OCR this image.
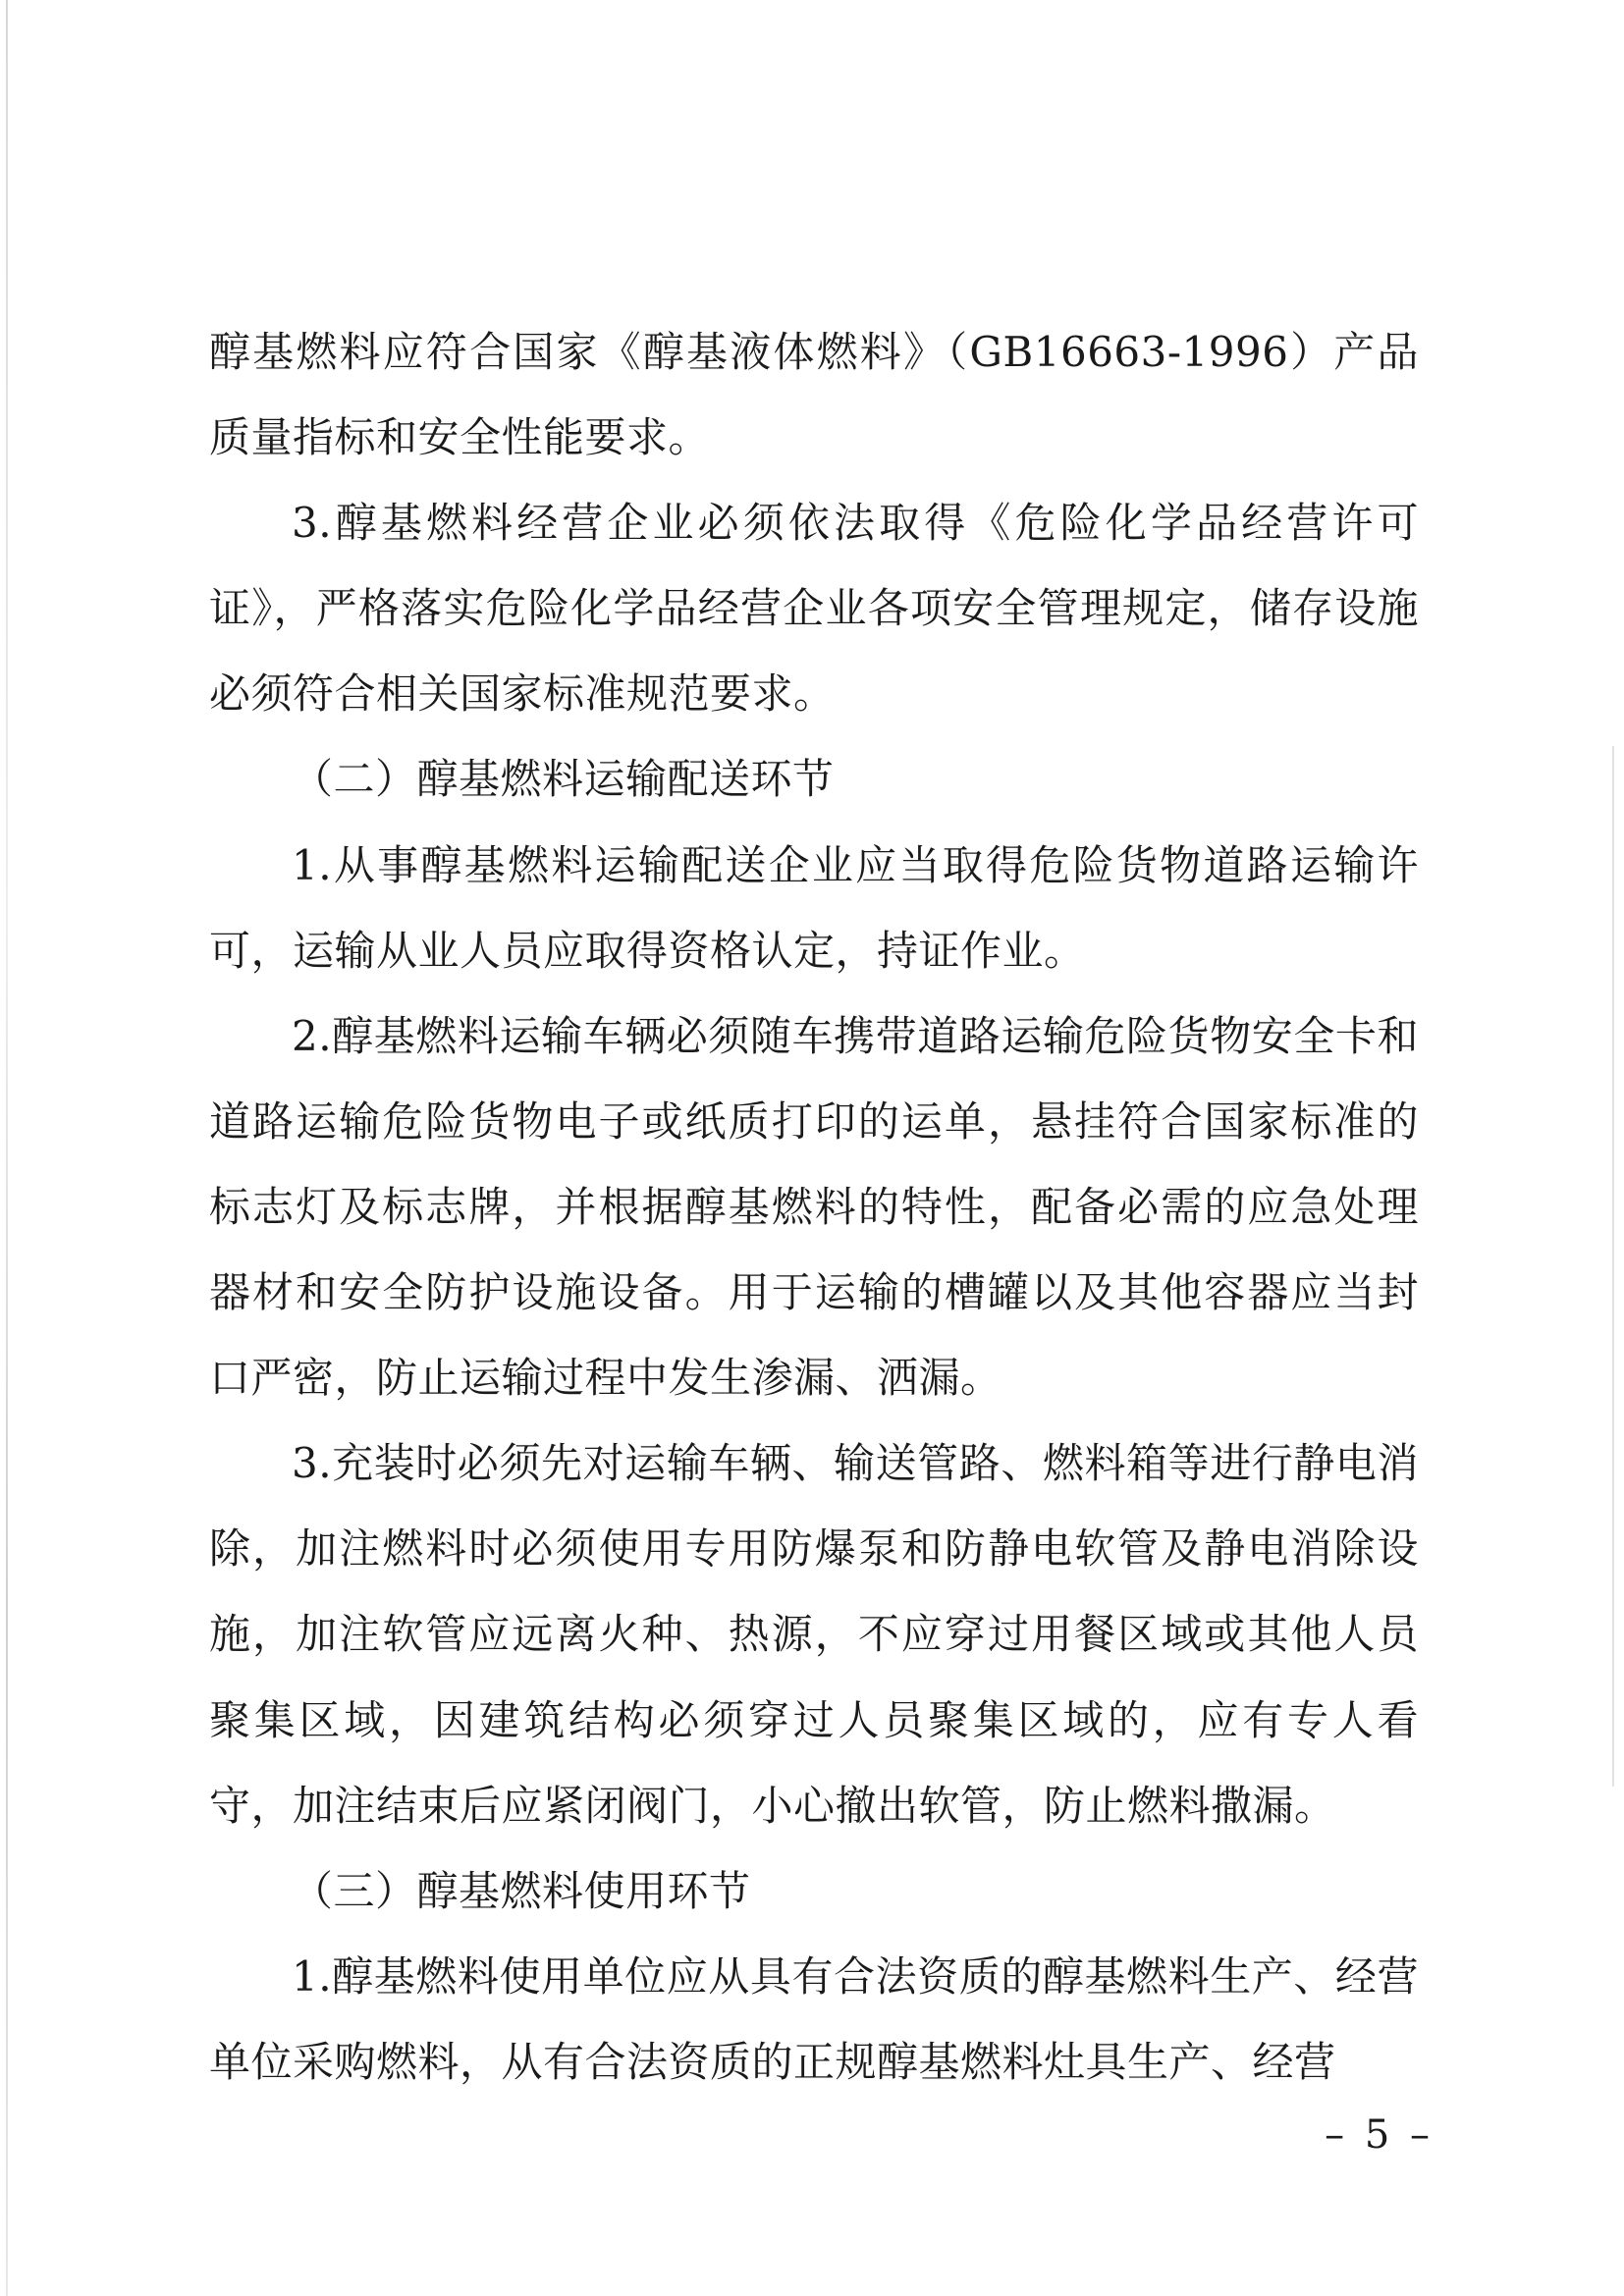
醇基燃料应符合国家《醇基液体燃料》（GB16663-1996）产品质量指标和安全性能要求。

3.醇基燃料经营企业必须依法取得《危险化学品经营许可证》，严格落实危险化学品经营企业各项安全管理规定，储存设施必须符合相关国家标准规范要求。

（二）醇基燃料运输配送环节

1.从事醇基燃料运输配送企业应当取得危险货物道路运输许可，运输从业人员应取得资格认定，持证作业。

2.醇基燃料运输车辆必须随车携带道路运输危险货物安全卡和道路运输危险货物电子或纸质打印的运单，悬挂符合国家标准的标志灯及标志牌，并根据醇基燃料的特性，配备必需的应急处理器材和安全防护设施设备。用于运输的槽罐以及其他容器应当封口严密，防止运输过程中发生渗漏、洒漏。

3.充装时必须先对运输车辆、输送管路、燃料箱等进行静电消除，加注燃料时必须使用专用防爆泵和防静电软管及静电消除设施，加注软管应远离火种、热源，不应穿过用餐区域或其他人员聚集区域，因建筑结构必须穿过人员聚集区域的，应有专人看守，加注结束后应紧闭阀门，小心撤出软管，防止燃料撒漏。

（三）醇基燃料使用环节

1.醇基燃料使用单位应从具有合法资质的醇基燃料生产、经营单位采购燃料，从有合法资质的正规醇基燃料灶具生产、经营

– 5 –
